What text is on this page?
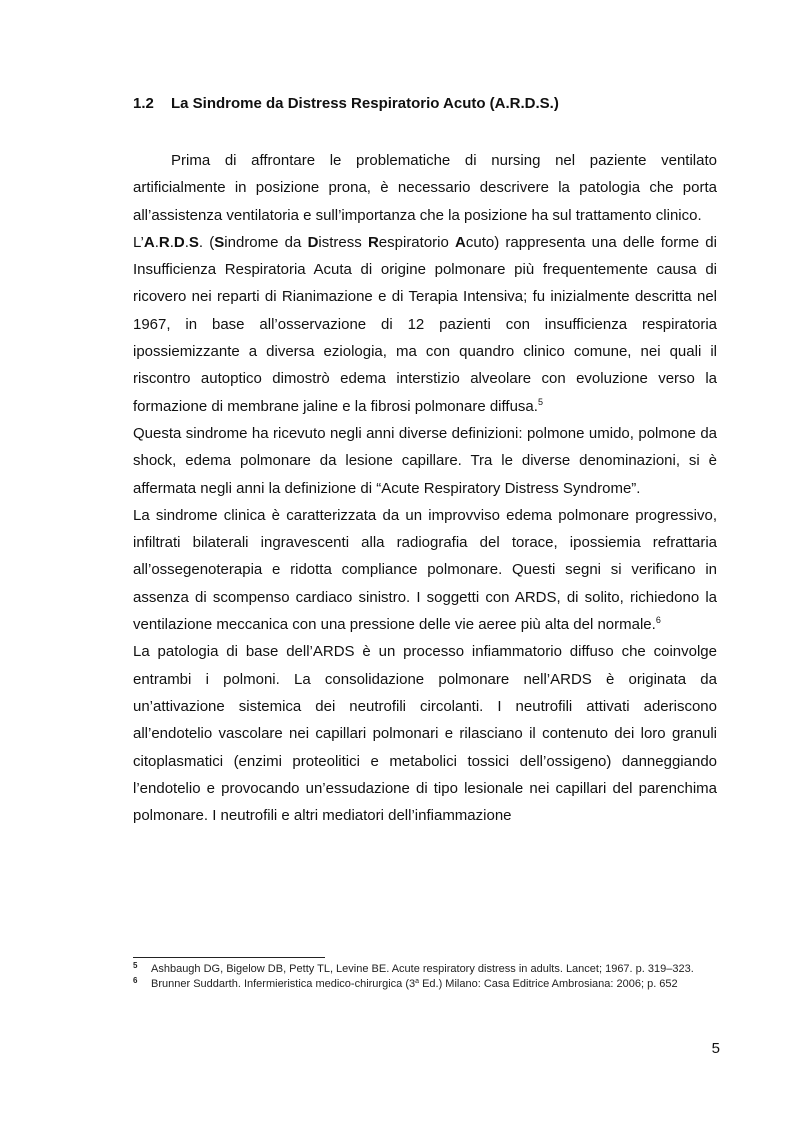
1.2 La Sindrome da Distress Respiratorio Acuto (A.R.D.S.)

Prima di affrontare le problematiche di nursing nel paziente ventilato artificialmente in posizione prona, è necessario descrivere la patologia che porta all’assistenza ventilatoria e sull’importanza che la posizione ha sul trattamento clinico.

L’A.R.D.S. (Sindrome da Distress Respiratorio Acuto) rappresenta una delle forme di Insufficienza Respiratoria Acuta di origine polmonare più frequentemente causa di ricovero nei reparti di Rianimazione e di Terapia Intensiva; fu inizialmente descritta nel 1967, in base all’osservazione di 12 pazienti con insufficienza respiratoria ipossiemizzante a diversa eziologia, ma con quandro clinico comune, nei quali il riscontro autoptico dimostrò edema interstizio alveolare con evoluzione verso la formazione di membrane jaline e la fibrosi polmonare diffusa.$^5$

Questa sindrome ha ricevuto negli anni diverse definizioni: polmone umido, polmone da shock, edema polmonare da lesione capillare. Tra le diverse denominazioni, si è affermata negli anni la definizione di “Acute Respiratory Distress Syndrome”.

La sindrome clinica è caratterizzata da un improvviso edema polmonare progressivo, infiltrati bilaterali ingravescenti alla radiografia del torace, ipossiemia refrattaria all’ossegenoterapia e ridotta compliance polmonare. Questi segni si verificano in assenza di scompenso cardiaco sinistro. I soggetti con ARDS, di solito, richiedono la ventilazione meccanica con una pressione delle vie aeree più alta del normale.$^6$

La patologia di base dell’ARDS è un processo infiammatorio diffuso che coinvolge entrambi i polmoni. La consolidazione polmonare nell’ARDS è originata da un’attivazione sistemica dei neutrofili circolanti. I neutrofili attivati aderiscono all’endotelio vascolare nei capillari polmonari e rilasciano il contenuto dei loro granuli citoplasmatici (enzimi proteolitici e metabolici tossici dell’ossigeno) danneggiando l’endotelio e provocando un’essudazione di tipo lesionale nei capillari del parenchima polmonare. I neutrofili e altri mediatori dell’infiammazione

5 Ashbaugh DG, Bigelow DB, Petty TL, Levine BE. Acute respiratory distress in adults. Lancet; 1967. p. 319–323.
6 Brunner Suddarth. Infermieristica medico-chirurgica (3$^a$ Ed.) Milano: Casa Editrice Ambrosiana: 2006; p. 652
5
